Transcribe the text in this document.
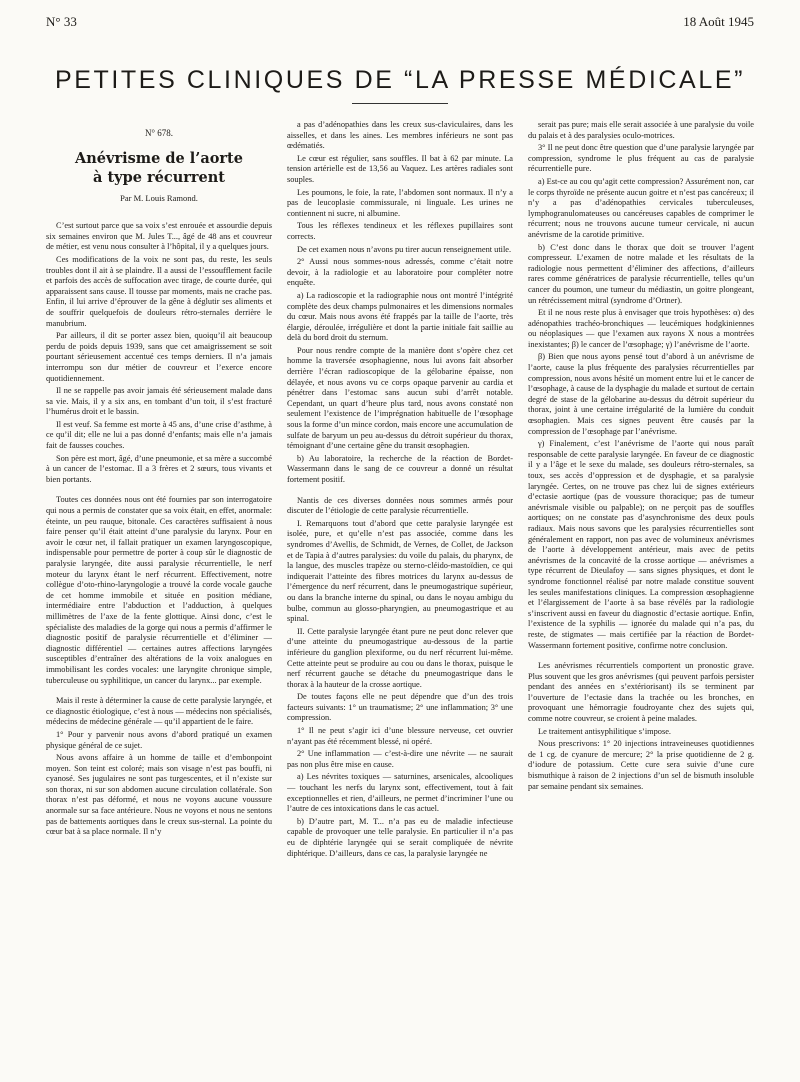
N° 33	18 Août 1945
PETITES CLINIQUES DE “LA PRESSE MÉDICALE”
N° 678.
Anévrisme de l’aorte
à type récurrent
Par M. Louis Ramond.

C’est surtout parce que sa voix s’est enrouée et assourdie depuis six semaines environ que M. Jules T..., âgé de 48 ans et couvreur de métier, est venu nous consulter à l’hôpital, il y a quelques jours.

Ces modifications de la voix ne sont pas, du reste, les seuls troubles dont il ait à se plaindre. Il a aussi de l’essoufflement facile et parfois des accès de suffocation avec tirage, de courte durée, qui apparaissent sans cause. Il tousse par moments, mais ne crache pas. Enfin, il lui arrive d’éprouver de la gêne à déglutir ses aliments et de souffrir quelquefois de douleurs rétro-sternales derrière le manubrium.

Par ailleurs, il dit se porter assez bien, quoiqu’il ait beaucoup perdu de poids depuis 1939, sans que cet amaigrissement se soit pourtant sérieusement accentué ces temps derniers. Il n’a jamais interrompu son dur métier de couvreur et l’exerce encore quotidiennement.

Il ne se rappelle pas avoir jamais été sérieusement malade dans sa vie. Mais, il y a six ans, en tombant d’un toit, il s’est fracturé l’humérus droit et le bassin.

Il est veuf. Sa femme est morte à 45 ans, d’une crise d’asthme, à ce qu’il dit; elle ne lui a pas donné d’enfants; mais elle n’a jamais fait de fausses couches.

Son père est mort, âgé, d’une pneumonie, et sa mère a succombé à un cancer de l’estomac. Il a 3 frères et 2 sœurs, tous vivants et bien portants.

Toutes ces données nous ont été fournies par son interrogatoire qui nous a permis de constater que sa voix était, en effet, anormale: éteinte, un peu rauque, bitonale. Ces caractères suffisaient à nous faire penser qu’il était atteint d’une paralysie du larynx. Pour en avoir le cœur net, il fallait pratiquer un examen laryngoscopique, indispensable pour permettre de porter à coup sûr le diagnostic de paralysie laryngée, dite aussi paralysie récurrentielle, le nerf moteur du larynx étant le nerf récurrent. Effectivement, notre collègue d’oto-rhino-laryngologie a trouvé la corde vocale gauche de cet homme immobile et située en position médiane, intermédiaire entre l’abduction et l’adduction, à quelques millimètres de l’axe de la fente glottique. Ainsi donc, c’est le spécialiste des maladies de la gorge qui nous a permis d’affirmer le diagnostic positif de paralysie récurrentielle et d’éliminer — diagnostic différentiel — certaines autres affections laryngées susceptibles d’entraîner des altérations de la voix analogues en immobilisant les cordes vocales: une laryngite chronique simple, tuberculeuse ou syphilitique, un cancer du larynx... par exemple.

Mais il reste à déterminer la cause de cette paralysie laryngée, et ce diagnostic étiologique, c’est à nous — médecins non spécialisés, médecins de médecine générale — qu’il appartient de le faire.

1° Pour y parvenir nous avons d’abord pratiqué un examen physique général de ce sujet.

Nous avons affaire à un homme de taille et d’embonpoint moyen. Son teint est coloré; mais son visage n’est pas bouffi, ni cyanosé. Ses jugulaires ne sont pas turgescentes, et il n’existe sur son thorax, ni sur son abdomen aucune circulation collatérale. Son thorax n’est pas déformé, et nous ne voyons aucune voussure anormale sur sa face antérieure. Nous ne voyons et nous ne sentons pas de battements aortiques dans le creux sus-sternal. La pointe du cœur bat à sa place normale. Il n’y

a pas d’adénopathies dans les creux sus-claviculaires, dans les aisselles, et dans les aines. Les membres inférieurs ne sont pas œdématiés.

Le cœur est régulier, sans souffles. Il bat à 62 par minute. La tension artérielle est de 13,56 au Vaquez. Les artères radiales sont souples.

Les poumons, le foie, la rate, l’abdomen sont normaux. Il n’y a pas de leucoplasie commissurale, ni linguale. Les urines ne contiennent ni sucre, ni albumine.

Tous les réflexes tendineux et les réflexes pupillaires sont corrects.

De cet examen nous n’avons pu tirer aucun renseignement utile.

2° Aussi nous sommes-nous adressés, comme c’était notre devoir, à la radiologie et au laboratoire pour compléter notre enquête.

a) La radioscopie et la radiographie nous ont montré l’intégrité complète des deux champs pulmonaires et les dimensions normales du cœur. Mais nous avons été frappés par la taille de l’aorte, très élargie, déroulée, irrégulière et dont la partie initiale fait saillie au delà du bord droit du sternum.

Pour nous rendre compte de la manière dont s’opère chez cet homme la traversée œsophagienne, nous lui avons fait absorber derrière l’écran radioscopique de la gélobarine épaisse, non délayée, et nous avons vu ce corps opaque parvenir au cardia et pénétrer dans l’estomac sans aucun subi d’arrêt notable. Cependant, un quart d’heure plus tard, nous avons constaté non seulement l’existence de l’imprégnation habituelle de l’œsophage sous la forme d’un mince cordon, mais encore une accumulation de sulfate de baryum un peu au-dessus du détroit supérieur du thorax, témoignant d’une certaine gêne du transit œsophagien.

b) Au laboratoire, la recherche de la réaction de Bordet-Wassermann dans le sang de ce couvreur a donné un résultat fortement positif.

Nantis de ces diverses données nous sommes armés pour discuter de l’étiologie de cette paralysie récurrentielle.

I. Remarquons tout d’abord que cette paralysie laryngée est isolée, pure, et qu’elle n’est pas associée, comme dans les syndromes d’Avellis, de Schmidt, de Vernes, de Collet, de Jackson et de Tapia à d’autres paralysies: du voile du palais, du pharynx, de la langue, des muscles trapèze ou sterno-cléido-mastoïdien, ce qui indiquerait l’atteinte des fibres motrices du larynx au-dessus de l’émergence du nerf récurrent, dans le pneumogastrique supérieur, ou dans la branche interne du spinal, ou dans le noyau ambigu du bulbe, commun au glosso-pharyngien, au pneumogastrique et au spinal.

II. Cette paralysie laryngée étant pure ne peut donc relever que d’une atteinte du pneumogastrique au-dessous de la partie inférieure du ganglion plexiforme, ou du nerf récurrent lui-même. Cette atteinte peut se produire au cou ou dans le thorax, puisque le nerf récurrent gauche se détache du pneumogastrique dans le thorax à la hauteur de la crosse aortique.

De toutes façons elle ne peut dépendre que d’un des trois facteurs suivants: 1° un traumatisme; 2° une inflammation; 3° une compression.

1° Il ne peut s’agir ici d’une blessure nerveuse, cet ouvrier n’ayant pas été récemment blessé, ni opéré.

2° Une inflammation — c’est-à-dire une névrite — ne saurait pas non plus être mise en cause.

a) Les névrites toxiques — saturnines, arsenicales, alcooliques — touchant les nerfs du larynx sont, effectivement, tout à fait exceptionnelles et rien, d’ailleurs, ne permet d’incriminer l’une ou l’autre de ces intoxications dans le cas actuel.

b) D’autre part, M. T... n’a pas eu de maladie infectieuse capable de provoquer une telle paralysie. En particulier il n’a pas eu de diphtérie laryngée qui se serait compliquée de névrite diphtérique. D’ailleurs, dans ce cas, la paralysie laryngée ne

serait pas pure; mais elle serait associée à une paralysie du voile du palais et à des paralysies oculo-motrices.

3° Il ne peut donc être question que d’une paralysie laryngée par compression, syndrome le plus fréquent au cas de paralysie récurrentielle pure.

a) Est-ce au cou qu’agit cette compression? Assurément non, car le corps thyroïde ne présente aucun goitre et n’est pas cancéreux; il n’y a pas d’adénopathies cervicales tuberculeuses, lymphogranulomateuses ou cancéreuses capables de comprimer le récurrent; nous ne trouvons aucune tumeur cervicale, ni aucun anévrisme de la carotide primitive.

b) C’est donc dans le thorax que doit se trouver l’agent compresseur. L’examen de notre malade et les résultats de la radiologie nous permettent d’éliminer des affections, d’ailleurs rares comme génératrices de paralysie récurrentielle, telles qu’un cancer du poumon, une tumeur du médiastin, un goitre plongeant, un rétrécissement mitral (syndrome d’Ortner).

Et il ne nous reste plus à envisager que trois hypothèses: α) des adénopathies trachéo-bronchiques — leucémiques hodgkiniennes ou néoplasiques — que l’examen aux rayons X nous a montrées inexistantes; β) le cancer de l’œsophage; γ) l’anévrisme de l’aorte.

β) Bien que nous ayons pensé tout d’abord à un anévrisme de l’aorte, cause la plus fréquente des paralysies récurrentielles par compression, nous avons hésité un moment entre lui et le cancer de l’œsophage, à cause de la dysphagie du malade et surtout de certain degré de stase de la gélobarine au-dessus du détroit supérieur du thorax, joint à une certaine irrégularité de la lumière du conduit œsophagien. Mais ces signes peuvent être causés par la compression de l’œsophage par l’anévrisme.

γ) Finalement, c’est l’anévrisme de l’aorte qui nous paraît responsable de cette paralysie laryngée. En faveur de ce diagnostic il y a l’âge et le sexe du malade, ses douleurs rétro-sternales, sa toux, ses accès d’oppression et de dysphagie, et sa paralysie laryngée. Certes, on ne trouve pas chez lui de signes extérieurs d’ectasie aortique (pas de voussure thoracique; pas de tumeur anévrismale visible ou palpable); on ne perçoit pas de souffles aortiques; on ne constate pas d’asynchronisme des deux pouls radiaux. Mais nous savons que les paralysies récurrentielles sont généralement en rapport, non pas avec de volumineux anévrismes de l’aorte à développement antérieur, mais avec de petits anévrismes de la concavité de la crosse aortique — anévrismes a type récurrent de Dieulafoy — sans signes physiques, et dont le syndrome fonctionnel réalisé par notre malade constitue souvent les seules manifestations cliniques. La compression œsophagienne et l’élargissement de l’aorte à sa base révélés par la radiologie s’inscrivent aussi en faveur du diagnostic d’ectasie aortique. Enfin, l’existence de la syphilis — ignorée du malade qui n’a pas, du reste, de stigmates — mais certifiée par la réaction de Bordet-Wassermann fortement positive, confirme notre conclusion.

Les anévrismes récurrentiels comportent un pronostic grave. Plus souvent que les gros anévrismes (qui peuvent parfois persister pendant des années en s’extériorisant) ils se terminent par l’ouverture de l’ectasie dans la trachée ou les bronches, en provoquant une hémorragie foudroyante chez des sujets qui, comme notre couvreur, se croient à peine malades.

Le traitement antisyphilitique s’impose.

Nous prescrivons: 1° 20 injections intraveineuses quotidiennes de 1 cg. de cyanure de mercure; 2° la prise quotidienne de 2 g. d’iodure de potassium. Cette cure sera suivie d’une cure bismuthique à raison de 2 injections d’un sel de bismuth insoluble par semaine pendant six semaines.
